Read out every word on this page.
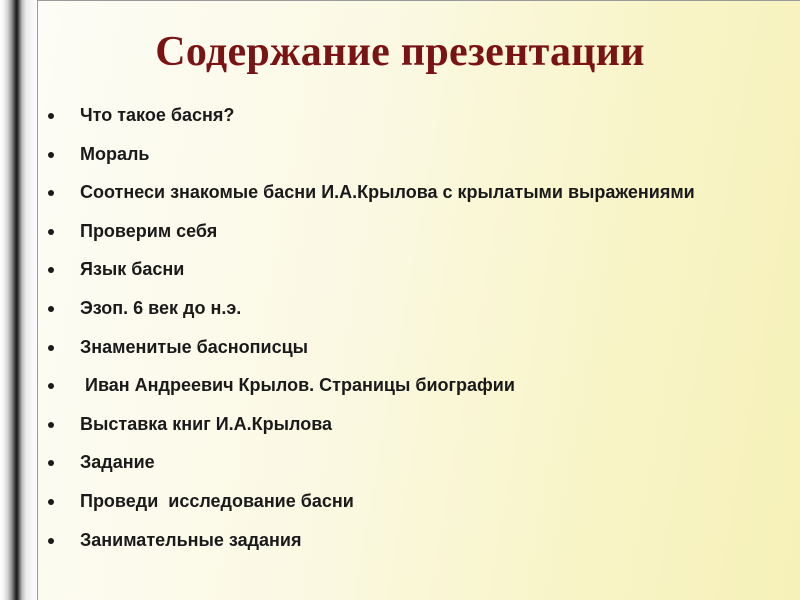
Содержание презентации
Что такое басня?
Мораль
Соотнеси знакомые басни И.А.Крылова с крылатыми выражениями
Проверим себя
Язык басни
Эзоп. 6 век до н.э.
Знаменитые баснописцы
Иван Андреевич Крылов. Страницы биографии
Выставка книг И.А.Крылова
Задание
Проведи  исследование басни
Занимательные задания
